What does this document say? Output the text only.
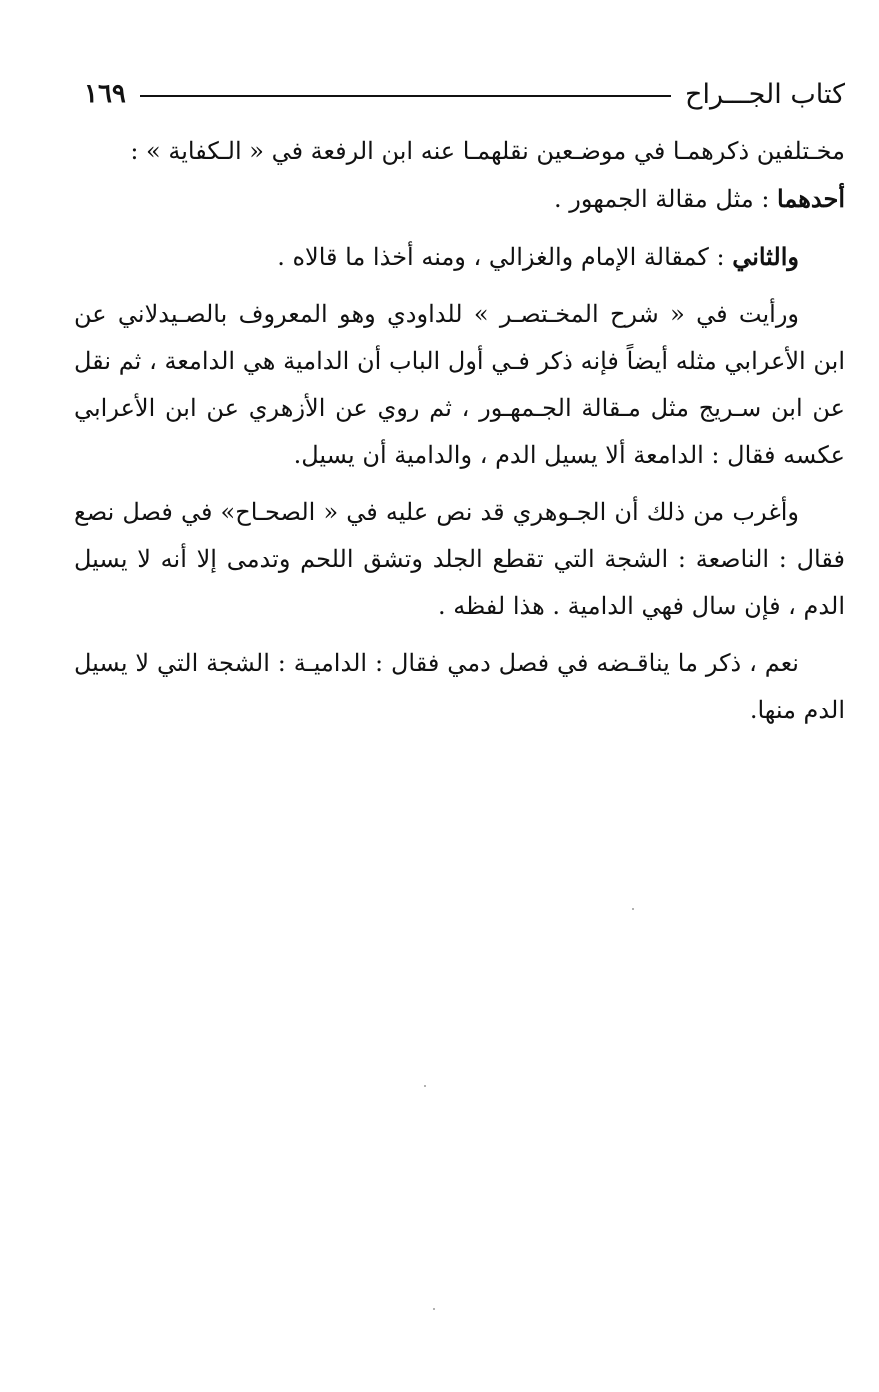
كتاب الجـــراح
١٦٩

مخـتلفين ذكرهمـا في موضـعين نقلهمـا عنه ابن الرفعة في « الـكفاية » :

أحدهما : مثل مقالة الجمهور .

والثاني : كمقالة الإمام والغزالي ، ومنه أخذا ما قالاه .

ورأيت في « شرح المخـتصـر » للداودي وهو المعروف بالصـيدلاني عن ابن الأعرابي مثله أيضاً فإنه ذكر فـي أول الباب أن الدامية هي الدامعة ، ثم نقل عن ابن سـريج مثل مـقالة الجـمهـور ، ثم روي عن الأزهري عن ابن الأعرابي عكسه فقال : الدامعة ألا يسيل الدم ، والدامية أن يسيل.

وأغرب من ذلك أن الجـوهري قد نص عليه في « الصحـاح» في فصل نصع فقال : الناصعة : الشجة التي تقطع الجلد وتشق اللحم وتدمى إلا أنه لا يسيل الدم ، فإن سال فهي الدامية . هذا لفظه .

نعم ، ذكر ما يناقـضه في فصل دمي فقال : الداميـة : الشجة التي لا يسيل الدم منها.
